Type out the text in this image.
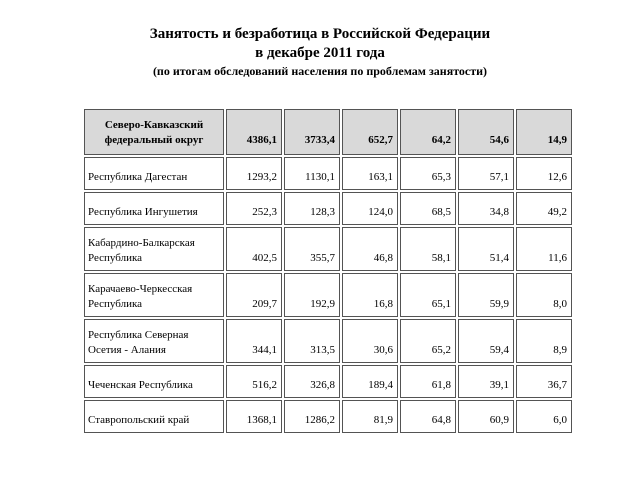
Занятость и безработица в Российской Федерации
в декабре 2011 года
(по итогам обследований населения по проблемам занятости)
Северо-Кавказский федеральный округ	4386,1	3733,4	652,7	64,2	54,6	14,9
Республика Дагестан	1293,2	1130,1	163,1	65,3	57,1	12,6
Республика Ингушетия	252,3	128,3	124,0	68,5	34,8	49,2
Кабардино-Балкарская Республика	402,5	355,7	46,8	58,1	51,4	11,6
Карачаево-Черкесская Республика	209,7	192,9	16,8	65,1	59,9	8,0
Республика Северная Осетия - Алания	344,1	313,5	30,6	65,2	59,4	8,9
Чеченская Республика	516,2	326,8	189,4	61,8	39,1	36,7
Ставропольский край	1368,1	1286,2	81,9	64,8	60,9	6,0
